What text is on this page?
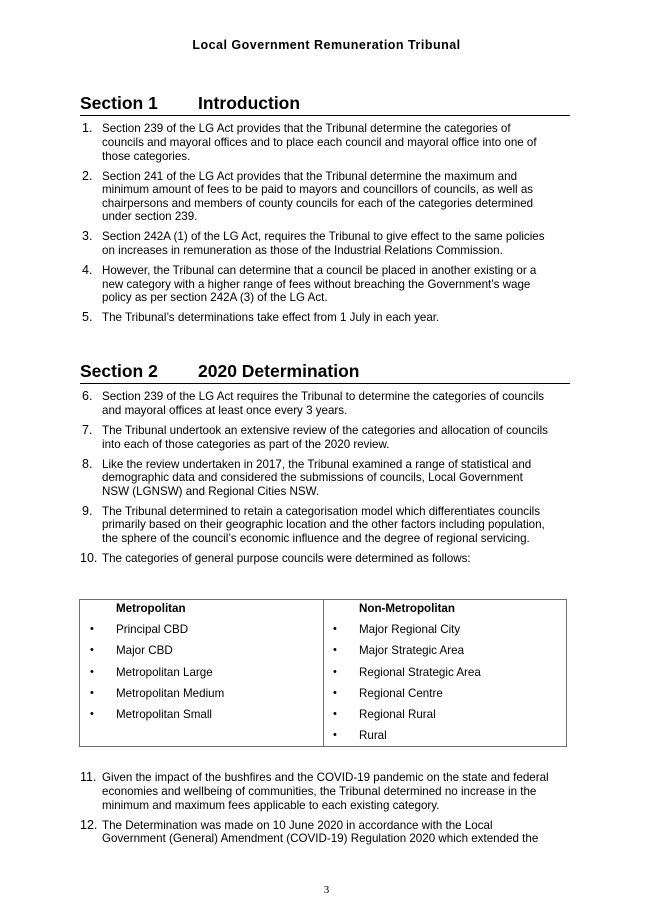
Local Government Remuneration Tribunal
Section 1	Introduction
1. Section 239 of the LG Act provides that the Tribunal determine the categories of
councils and mayoral offices and to place each council and mayoral office into one of
those categories.
2. Section 241 of the LG Act provides that the Tribunal determine the maximum and
minimum amount of fees to be paid to mayors and councillors of councils, as well as
chairpersons and members of county councils for each of the categories determined
under section 239.
3. Section 242A (1) of the LG Act, requires the Tribunal to give effect to the same policies
on increases in remuneration as those of the Industrial Relations Commission.
4. However, the Tribunal can determine that a council be placed in another existing or a
new category with a higher range of fees without breaching the Government’s wage
policy as per section 242A (3) of the LG Act.
5. The Tribunal’s determinations take effect from 1 July in each year.
Section 2	2020 Determination
6. Section 239 of the LG Act requires the Tribunal to determine the categories of councils
and mayoral offices at least once every 3 years.
7. The Tribunal undertook an extensive review of the categories and allocation of councils
into each of those categories as part of the 2020 review.
8. Like the review undertaken in 2017, the Tribunal examined a range of statistical and
demographic data and considered the submissions of councils, Local Government
NSW (LGNSW) and Regional Cities NSW.
9. The Tribunal determined to retain a categorisation model which differentiates councils
primarily based on their geographic location and the other factors including population,
the sphere of the council’s economic influence and the degree of regional servicing.
10. The categories of general purpose councils were determined as follows:
Metropolitan
• Principal CBD
• Major CBD
• Metropolitan Large
• Metropolitan Medium
• Metropolitan Small
Non-Metropolitan
• Major Regional City
• Major Strategic Area
• Regional Strategic Area
• Regional Centre
• Regional Rural
• Rural
11. Given the impact of the bushfires and the COVID-19 pandemic on the state and federal
economies and wellbeing of communities, the Tribunal determined no increase in the
minimum and maximum fees applicable to each existing category.
12. The Determination was made on 10 June 2020 in accordance with the Local
Government (General) Amendment (COVID-19) Regulation 2020 which extended the
3
